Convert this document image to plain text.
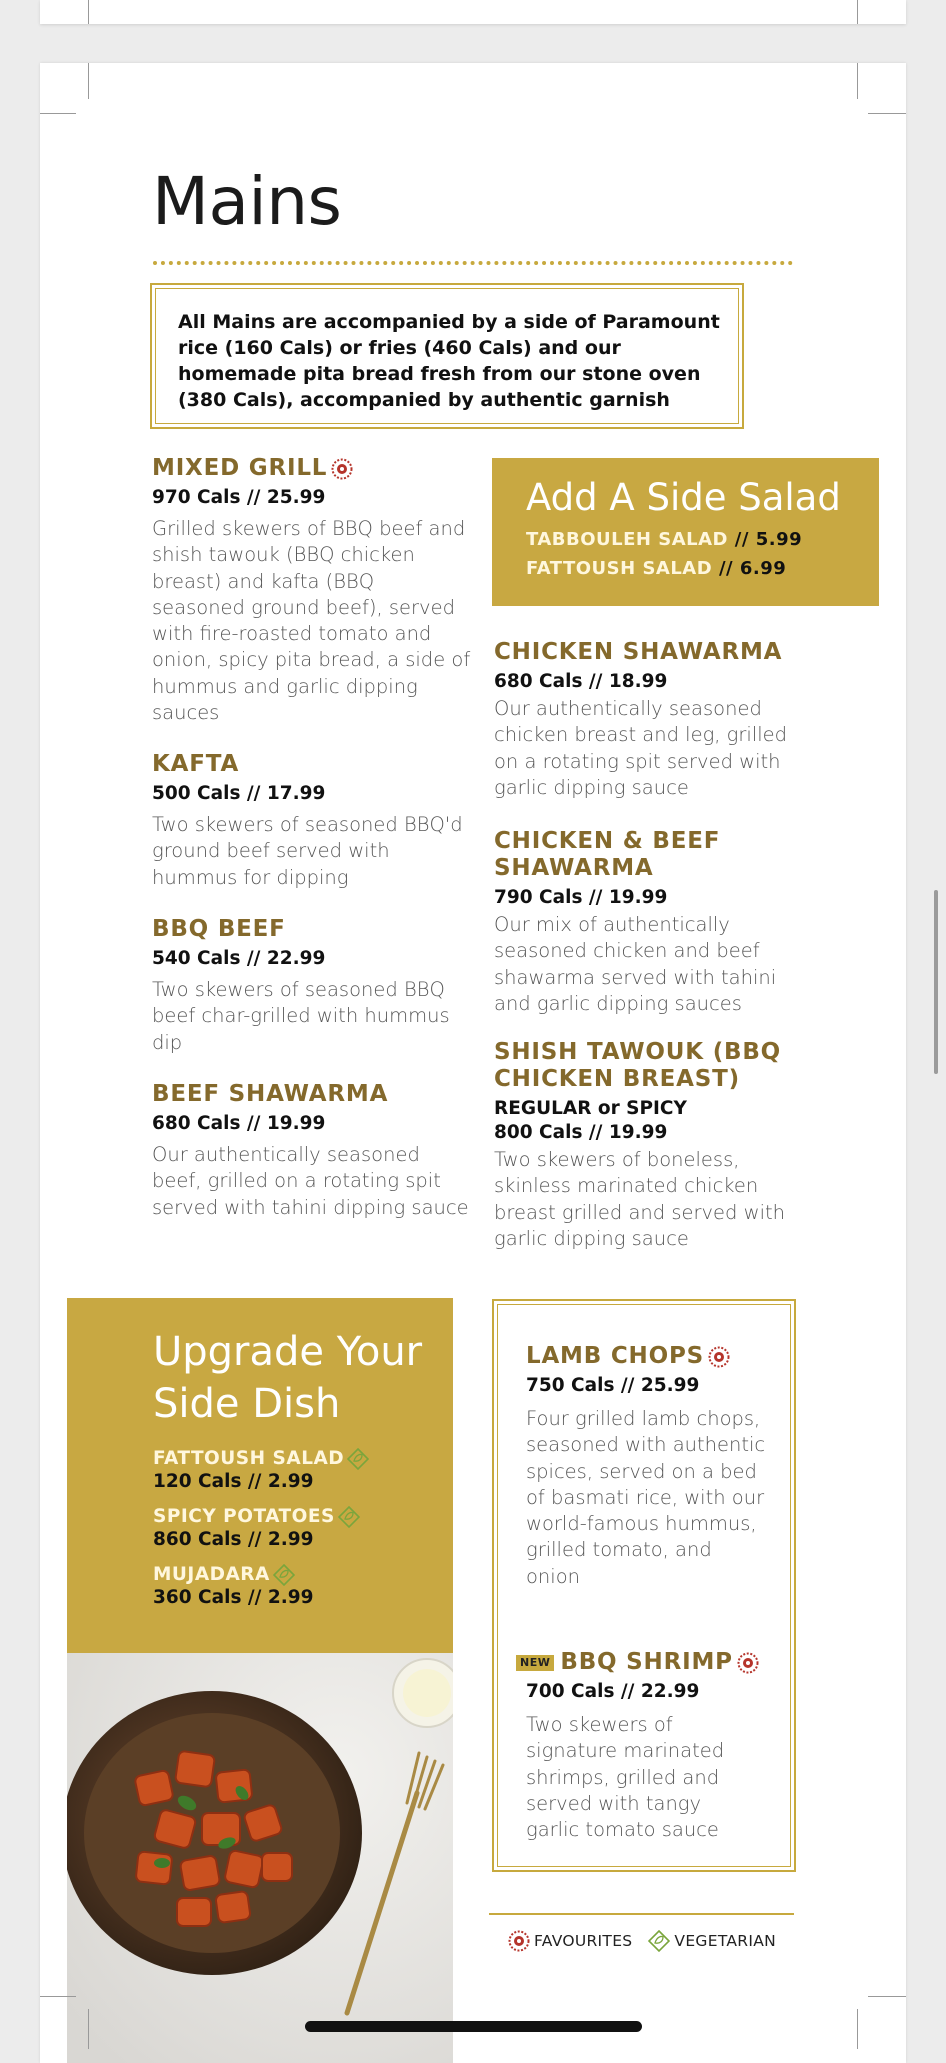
Mains
All Mains are accompanied by a side of Paramount rice (160 Cals) or fries (460 Cals) and our homemade pita bread fresh from our stone oven (380 Cals), accompanied by authentic garnish

MIXED GRILL

970 Cals // 25.99
Grilled skewers of BBQ beef and shish tawouk (BBQ chicken breast) and kafta (BBQ seasoned ground beef), served with fire-roasted tomato and onion, spicy pita bread, a side of hummus and garlic dipping sauces

KAFTA

500 Cals // 17.99
Two skewers of seasoned BBQ'd ground beef served with hummus for dipping

BBQ BEEF

540 Cals // 22.99
Two skewers of seasoned BBQ beef char-grilled with hummus dip

BEEF SHAWARMA

680 Cals // 19.99
Our authentically seasoned beef, grilled on a rotating spit served with tahini dipping sauce
Add A Side Salad
TABBOULEH SALAD // 5.99
FATTOUSH SALAD // 6.99

CHICKEN SHAWARMA

680 Cals // 18.99
Our authentically seasoned chicken breast and leg, grilled on a rotating spit served with garlic dipping sauce

CHICKEN & BEEF SHAWARMA

790 Cals // 19.99
Our mix of authentically seasoned chicken and beef shawarma served with tahini and garlic dipping sauces

SHISH TAWOUK (BBQ CHICKEN BREAST)

REGULAR or SPICY
800 Cals // 19.99
Two skewers of boneless, skinless marinated chicken breast grilled and served with garlic dipping sauce
Upgrade Your Side Dish
FATTOUSH SALAD
120 Cals // 2.99
SPICY POTATOES
860 Cals // 2.99
MUJADARA
360 Cals // 2.99

LAMB CHOPS

750 Cals // 25.99
Four grilled lamb chops, seasoned with authentic spices, served on a bed of basmati rice, with our world-famous hummus, grilled tomato, and onion

NEW BBQ SHRIMP

700 Cals // 22.99
Two skewers of signature marinated shrimps, grilled and served with tangy garlic tomato sauce
FAVOURITES	VEGETARIAN
